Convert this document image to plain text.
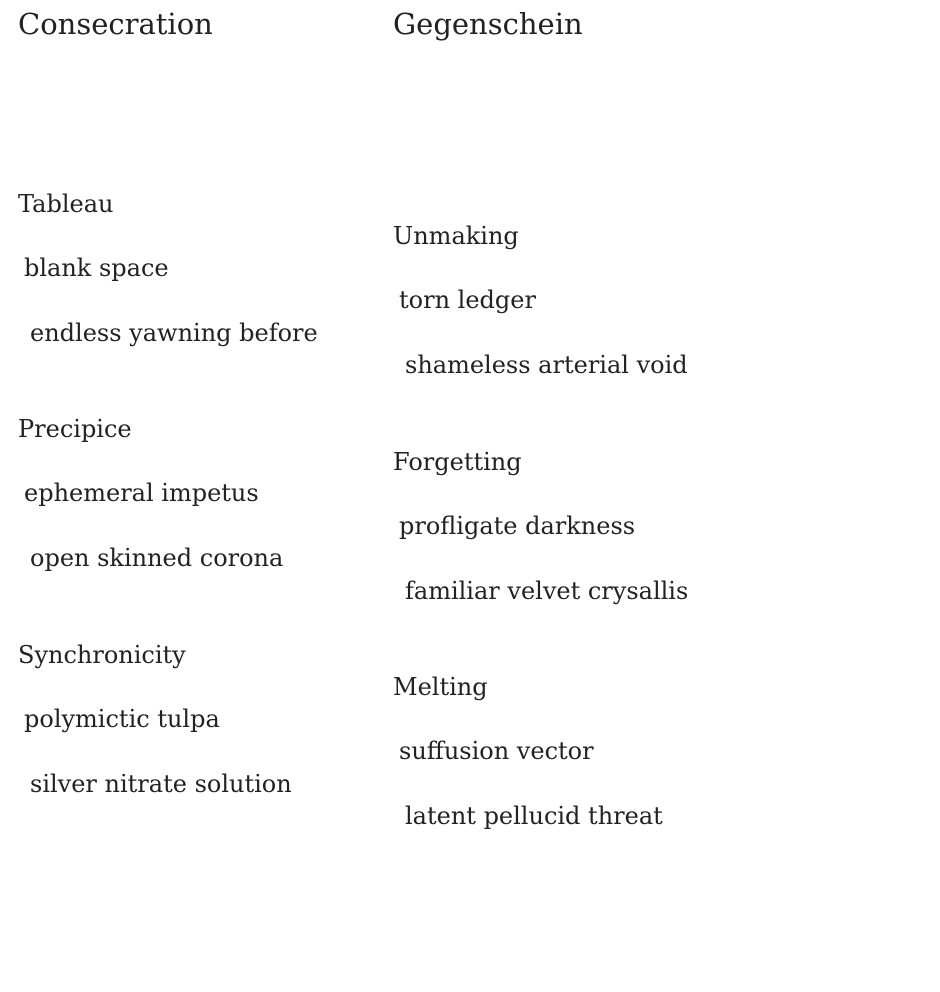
Consecration
Tableau
blank space
endless yawning before
Precipice
ephemeral impetus
open skinned corona
Synchronicity
polymictic tulpa
silver nitrate solution
Gegenschein
Unmaking
torn ledger
shameless arterial void
Forgetting
profligate darkness
familiar velvet crysallis
Melting
suffusion vector
latent pellucid threat
